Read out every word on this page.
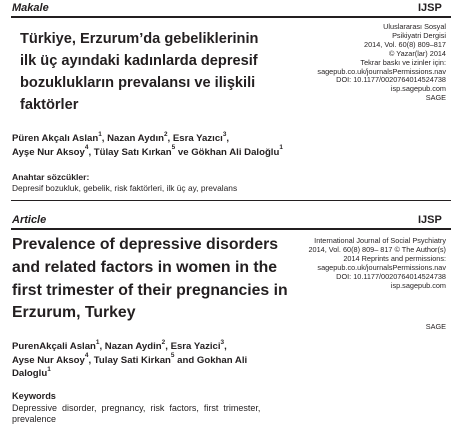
Makale	IJSP
Türkiye, Erzurum’da gebeliklerinin
ilk üç ayındaki kadınlarda depresif
bozuklukların prevalansı ve ilişkili
faktörler
Uluslararası Sosyal
Psikiyatri Dergisi
2014, Vol. 60(8) 809–817
© Yazar(lar) 2014
Tekrar baskı ve izinler için:
sagepub.co.uk/journalsPermissions.nav
DOI: 10.1177/0020764014524738
isp.sagepub.com
SAGE
Püren Akçalı Aslan$^1$, Nazan Aydın$^2$, Esra Yazıcı$^3$,
Ayşe Nur Aksoy$^4$, Tülay Satı Kırkan$^5$ ve Gökhan Ali Daloğlu$^1$
Anahtar sözcükler:
Depresif bozukluk, gebelik, risk faktörleri, ilk üç ay, prevalans
Article	IJSP
Prevalence of depressive disorders
and related factors in women in the
first trimester of their pregnancies in
Erzurum, Turkey
International Journal of Social Psychiatry
2014, Vol. 60(8) 809– 817 © The Author(s)
2014 Reprints and permissions:
sagepub.co.uk/journalsPermissions.nav
DOI: 10.1177/0020764014524738
isp.sagepub.com
SAGE
PurenAkçali Aslan$^1$, Nazan Aydin$^2$, Esra Yazici$^3$,
Ayse Nur Aksoy$^4$, Tulay Sati Kirkan$^5$ and Gokhan Ali
Daloglu$^1$
Keywords
Depressive  disorder,  pregnancy,  risk  factors,  first  trimester,
prevalence
